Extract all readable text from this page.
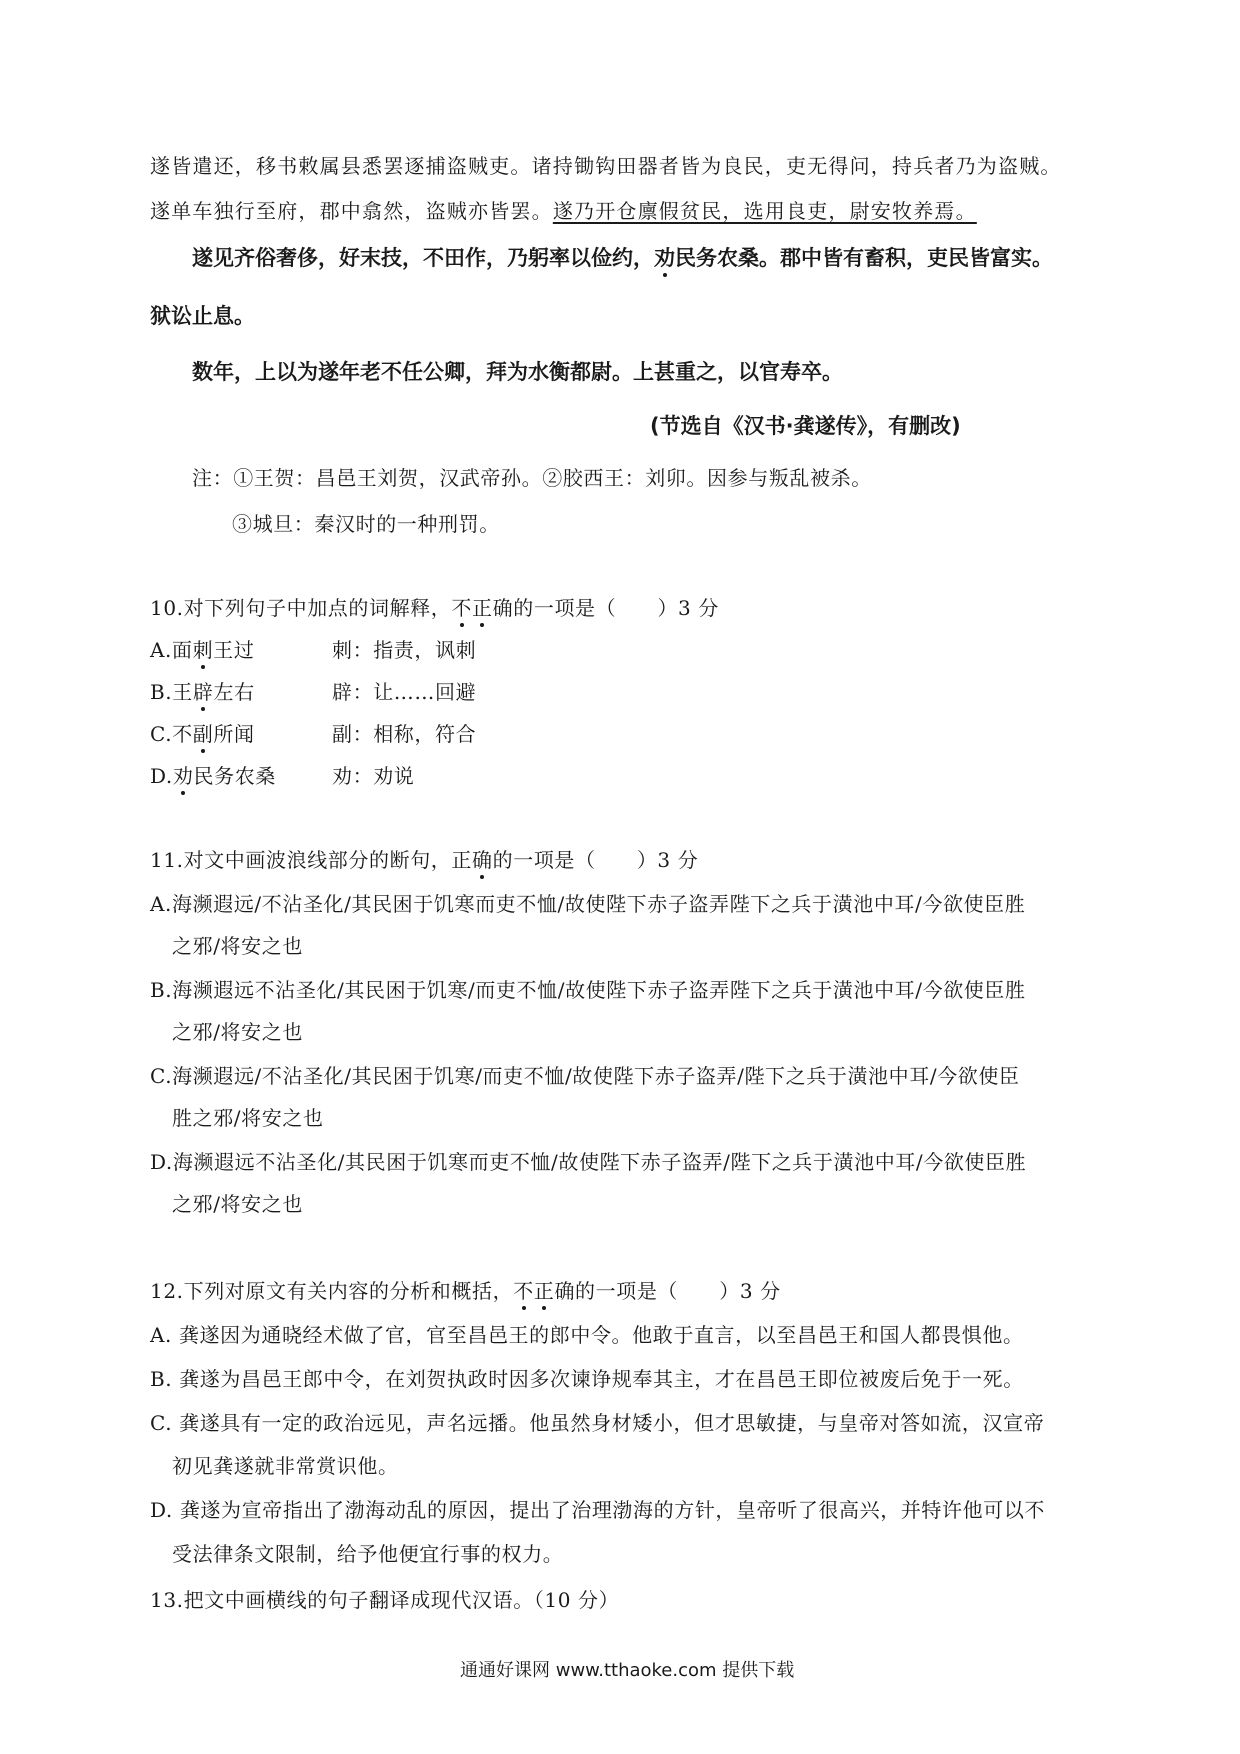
遂皆遣还，移书敕属县悉罢逐捕盗贼吏。诸持锄钩田器者皆为良民，吏无得问，持兵者乃为盗贼。
遂单车独行至府，郡中翕然，盗贼亦皆罢。遂乃开仓廪假贫民，选用良吏，尉安牧养焉。
遂见齐俗奢侈，好末技，不田作，乃躬率以俭约，劝民务农桑。郡中皆有畜积，吏民皆富实。
狱讼止息。
数年，上以为遂年老不任公卿，拜为水衡都尉。上甚重之，以官寿卒。
(节选自《汉书·龚遂传》，有删改)
注：①王贺：昌邑王刘贺，汉武帝孙。②胶西王：刘卯。因参与叛乱被杀。
③城旦：秦汉时的一种刑罚。
10.对下列句子中加点的词解释，不正确的一项是（　　）3 分
A.面刺王过	刺：指责，讽刺
B.王辟左右	辟：让……回避
C.不副所闻	副：相称，符合
D.劝民务农桑	劝：劝说
11.对文中画波浪线部分的断句，正确的一项是（　　）3 分
A.海濒遐远/不沾圣化/其民困于饥寒而吏不恤/故使陛下赤子盗弄陛下之兵于潢池中耳/今欲使臣胜
之邪/将安之也
B.海濒遐远不沾圣化/其民困于饥寒/而吏不恤/故使陛下赤子盗弄陛下之兵于潢池中耳/今欲使臣胜
之邪/将安之也
C.海濒遐远/不沾圣化/其民困于饥寒/而吏不恤/故使陛下赤子盗弄/陛下之兵于潢池中耳/今欲使臣
胜之邪/将安之也
D.海濒遐远不沾圣化/其民困于饥寒而吏不恤/故使陛下赤子盗弄/陛下之兵于潢池中耳/今欲使臣胜
之邪/将安之也
12.下列对原文有关内容的分析和概括，不正确的一项是（　　）3 分
A. 龚遂因为通晓经术做了官，官至昌邑王的郎中令。他敢于直言，以至昌邑王和国人都畏惧他。
B. 龚遂为昌邑王郎中令，在刘贺执政时因多次谏诤规奉其主，才在昌邑王即位被废后免于一死。
C. 龚遂具有一定的政治远见，声名远播。他虽然身材矮小，但才思敏捷，与皇帝对答如流，汉宣帝
初见龚遂就非常赏识他。
D. 龚遂为宣帝指出了渤海动乱的原因，提出了治理渤海的方针，皇帝听了很高兴，并特许他可以不
受法律条文限制，给予他便宜行事的权力。
13.把文中画横线的句子翻译成现代汉语。（10 分）
通通好课网 www.tthaoke.com 提供下载
